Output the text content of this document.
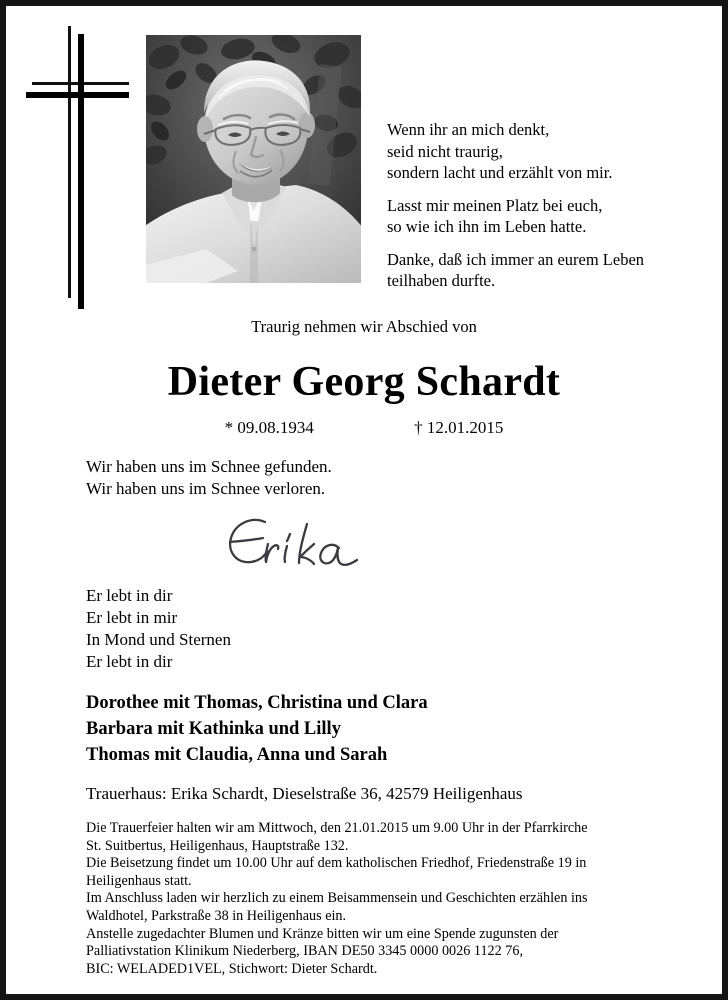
Wenn ihr an mich denkt,
seid nicht traurig,
sondern lacht und erzählt von mir.
Lasst mir meinen Platz bei euch,
so wie ich ihn im Leben hatte.
Danke, daß ich immer an eurem Leben
teilhaben durfte.
Traurig nehmen wir Abschied von
Dieter Georg Schardt
* 09.08.1934	† 12.01.2015
Wir haben uns im Schnee gefunden.
Wir haben uns im Schnee verloren.
Er lebt in dir
Er lebt in mir
In Mond und Sternen
Er lebt in dir
Dorothee mit Thomas, Christina und Clara
Barbara mit Kathinka und Lilly
Thomas mit Claudia, Anna und Sarah
Trauerhaus: Erika Schardt, Dieselstraße 36, 42579 Heiligenhaus
Die Trauerfeier halten wir am Mittwoch, den 21.01.2015 um 9.00 Uhr in der Pfarrkirche
St. Suitbertus, Heiligenhaus, Hauptstraße 132.
Die Beisetzung findet um 10.00 Uhr auf dem katholischen Friedhof, Friedenstraße 19 in
Heiligenhaus statt.
Im Anschluss laden wir herzlich zu einem Beisammensein und Geschichten erzählen ins
Waldhotel, Parkstraße 38 in Heiligenhaus ein.
Anstelle zugedachter Blumen und Kränze bitten wir um eine Spende zugunsten der
Palliativstation Klinikum Niederberg, IBAN DE50 3345 0000 0026 1122 76,
BIC: WELADED1VEL, Stichwort: Dieter Schardt.
